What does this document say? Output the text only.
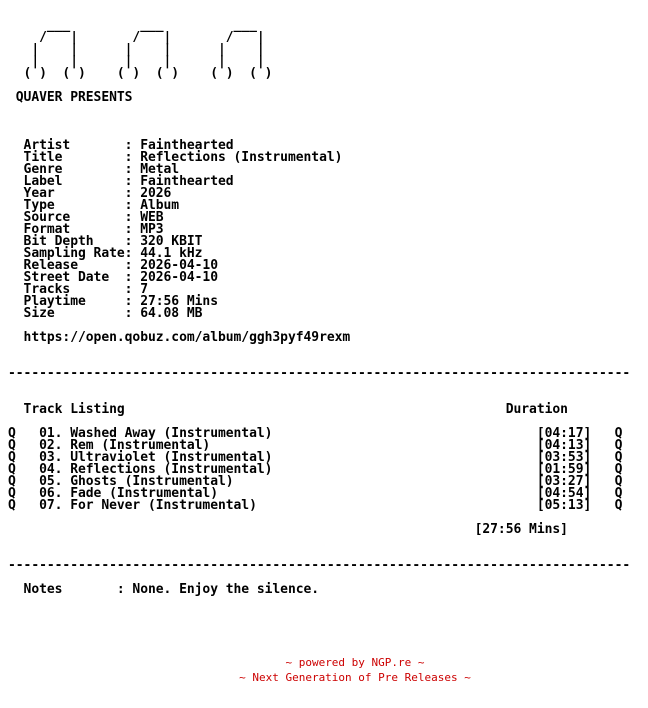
___         ___         ___
/   |       /   |       /   |
|    |      |    |      |    |
|    |      |    |      |    |
( )  ( )    ( )  ( )    ( )  ( )
QUAVER PRESENTS
Artist       : Fainthearted
Title        : Reflections (Instrumental)
Genre        : Metal
Label        : Fainthearted
Year         : 2026
Type         : Album
Source       : WEB
Format       : MP3
Bit Depth    : 320 KBIT
Sampling Rate: 44.1 kHz
Release      : 2026-04-10
Street Date  : 2026-04-10
Tracks       : 7
Playtime     : 27:56 Mins
Size         : 64.08 MB
https://open.qobuz.com/album/ggh3pyf49rexm
--------------------------------------------------------------------------------
Track Listing                                                 Duration
Q   01. Washed Away (Instrumental)                                  [04:17]   Q
Q   02. Rem (Instrumental)                                          [04:13]   Q
Q   03. Ultraviolet (Instrumental)                                  [03:53]   Q
Q   04. Reflections (Instrumental)                                  [01:59]   Q
Q   05. Ghosts (Instrumental)                                       [03:27]   Q
Q   06. Fade (Instrumental)                                         [04:54]   Q
Q   07. For Never (Instrumental)                                    [05:13]   Q
[27:56 Mins]
--------------------------------------------------------------------------------
Notes       : None. Enjoy the silence.
~ powered by NGP.re ~
~ Next Generation of Pre Releases ~
